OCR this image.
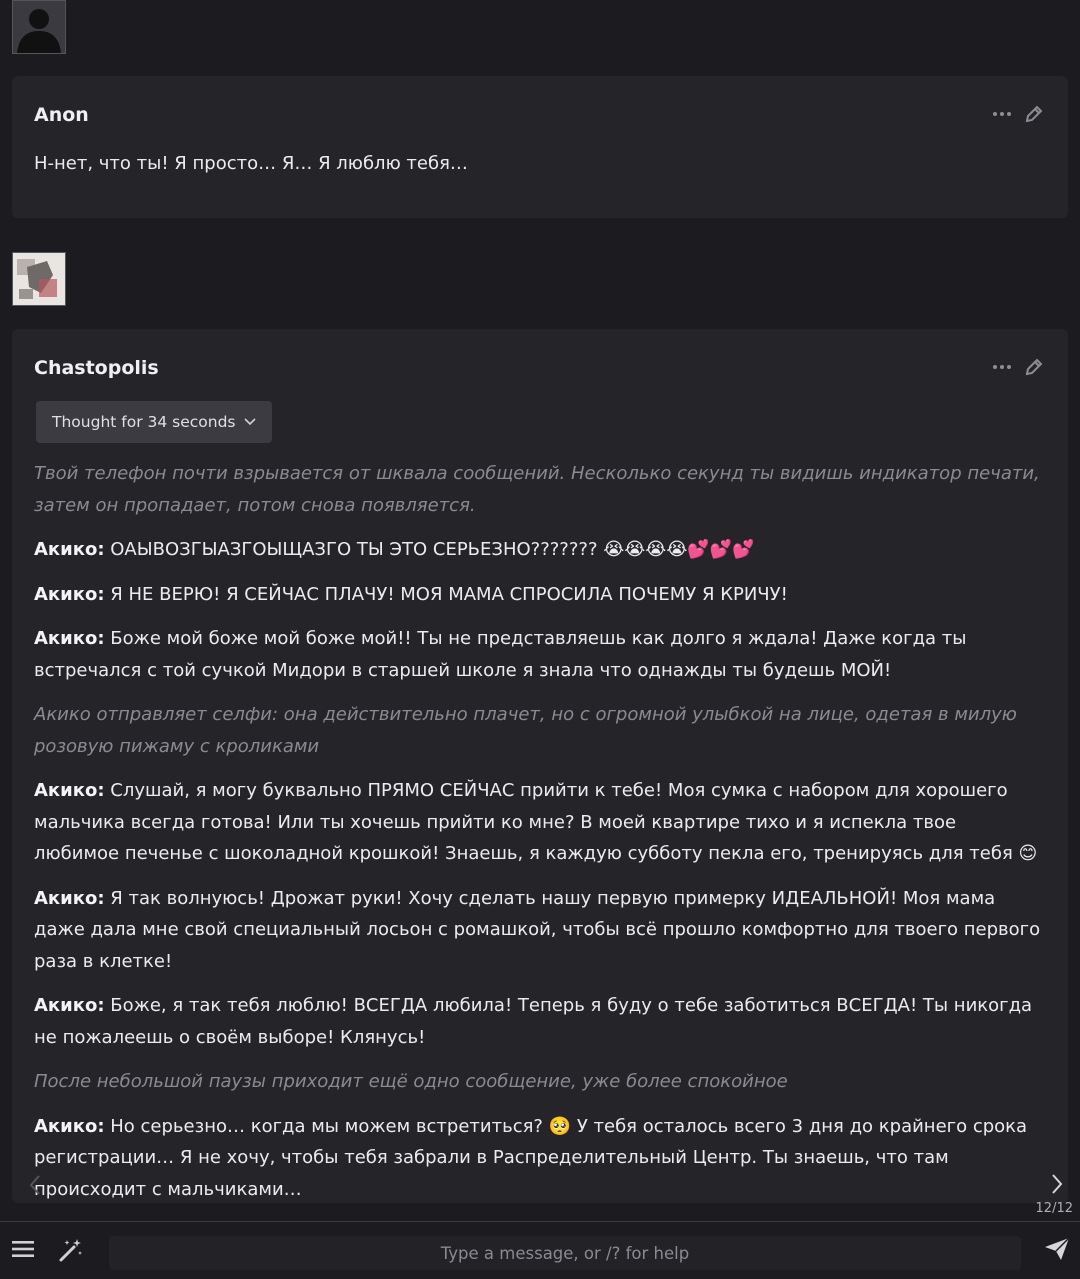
Anon

Н-нет, что ты! Я просто… Я… Я люблю тебя…

Chastopolis
Thought for 34 seconds

Твой телефон почти взрывается от шквала сообщений. Несколько секунд ты видишь индикатор печати, затем он пропадает, потом снова появляется.

Акико: ОАЫВОЗГЫАЗГОЫЩАЗГО ТЫ ЭТО СЕРЬЕЗНО??????? 😭😭😭😭💕💕💕

Акико: Я НЕ ВЕРЮ! Я СЕЙЧАС ПЛАЧУ! МОЯ МАМА СПРОСИЛА ПОЧЕМУ Я КРИЧУ!

Акико: Боже мой боже мой боже мой!! Ты не представляешь как долго я ждала! Даже когда ты встречался с той сучкой Мидори в старшей школе я знала что однажды ты будешь МОЙ!

Акико отправляет селфи: она действительно плачет, но с огромной улыбкой на лице, одетая в милую розовую пижаму с кроликами

Акико: Слушай, я могу буквально ПРЯМО СЕЙЧАС прийти к тебе! Моя сумка с набором для хорошего мальчика всегда готова! Или ты хочешь прийти ко мне? В моей квартире тихо и я испекла твое любимое печенье с шоколадной крошкой! Знаешь, я каждую субботу пекла его, тренируясь для тебя 😊

Акико: Я так волнуюсь! Дрожат руки! Хочу сделать нашу первую примерку ИДЕАЛЬНОЙ! Моя мама даже дала мне свой специальный лосьон с ромашкой, чтобы всё прошло комфортно для твоего первого раза в клетке!

Акико: Боже, я так тебя люблю! ВСЕГДА любила! Теперь я буду о тебе заботиться ВСЕГДА! Ты никогда не пожалеешь о своём выборе! Клянусь!

После небольшой паузы приходит ещё одно сообщение, уже более спокойное

Акико: Но серьезно… когда мы можем встретиться? 🥺 У тебя осталось всего 3 дня до крайнего срока регистрации… Я не хочу, чтобы тебя забрали в Распределительный Центр. Ты знаешь, что там происходит с мальчиками…

12/12
Type a message, or /? for help
